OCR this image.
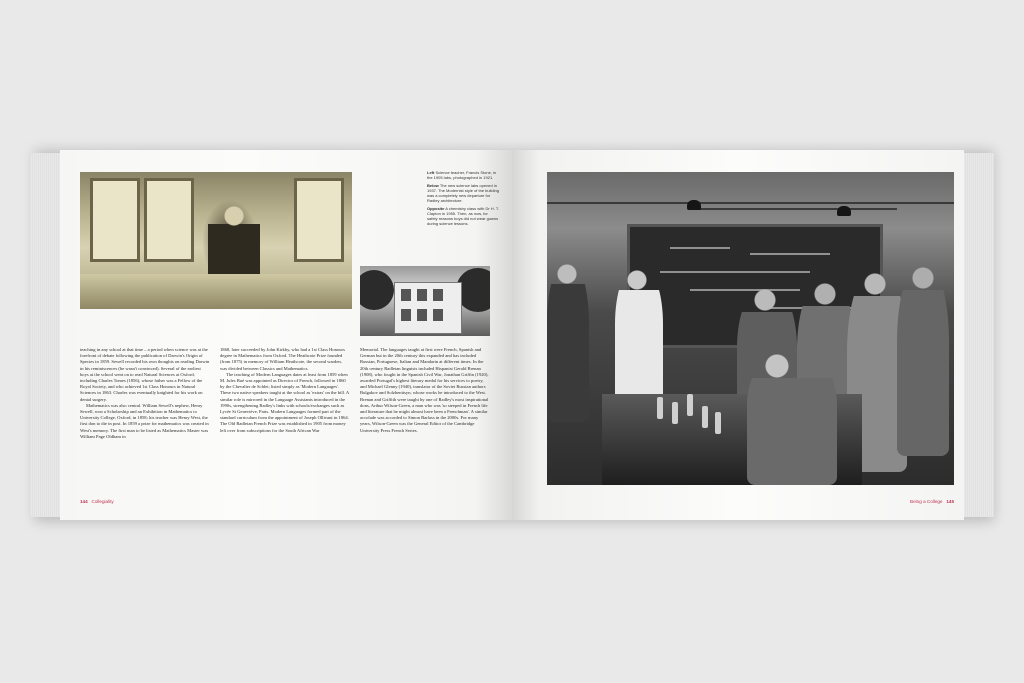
Left Science teacher, Francis Stone, in the 1905 labs, photographed in 1921.

Below The new science labs opened in 1937. The Modernist style of the building was a completely new departure for Radley architecture.

Opposite A chemistry class with Dr H. T. Clapton in 1955. Then, as now, for safety reasons boys did not wear gowns during science lessons.

teaching in any school at that time – a period when science was at the forefront of debate following the publication of Darwin's Origin of Species in 1859. Sewell recorded his own thoughts on reading Darwin in his reminiscences (he wasn't convinced). Several of the earliest boys at the school went on to read Natural Sciences at Oxford, including Charles Tomes (1856), whose father was a Fellow of the Royal Society, and who achieved 1st Class Honours in Natural Sciences in 1863. Charles was eventually knighted for his work on dental surgery.

Mathematics was also central. William Sewell's nephew, Henry Sewell, won a Scholarship and an Exhibition in Mathematics to University College, Oxford, in 1858; his teacher was Henry West, the first don to die in post. In 1859 a prize for mathematics was created in West's memory. The first man to be listed as Mathematics Master was William Page Oldham in

1868, later succeeded by John Kirkby, who had a 1st Class Honours degree in Mathematics from Oxford. The Heathcote Prize founded (from 1875) in memory of William Heathcote, the second warden, was divided between Classics and Mathematics.

The teaching of Modern Languages dates at least from 1859 when M. Jules Bué was appointed as Director of French, followed in 1860 by the Chevalier de Schlet; listed simply as 'Modern Languages'. These two native speakers taught at the school as 'extras' on the bill. A similar role is mirrored in the Language Assistants introduced in the 1990s, strengthening Radley's links with schools/exchanges such as Lycée St Geneviève, Paris. Modern Languages formed part of the standard curriculum from the appointment of Joseph Ollivant in 1864. The Old Radleian French Prize was established in 1905 from money left over from subscriptions for the South African War

Memorial. The languages taught at first were French, Spanish and German but in the 20th century this expanded and has included Russian, Portuguese, Italian and Mandarin at different times. In the 20th century Radleian linguists included Hispanist Gerald Brenan (1908), who fought in the Spanish Civil War, Jonathan Griffin (1920), awarded Portugal's highest literary medal for his services to poetry, and Michael Glenny (1940), translator of the Soviet Russian authors Bulgakov and Solzhenitsyn, whose works he introduced to the West. Brenan and Griffith were taught by one of Radley's most inspirational dons, Arthur Wilson-Green, a man who was 'so steeped in French life and literature that he might almost have been a Frenchman'. A similar accolade was accorded to Simon Barlass in the 2000s. For many years, Wilson-Green was the General Editor of the Cambridge University Press French Series.

144 Collegiality	Being a College 145
